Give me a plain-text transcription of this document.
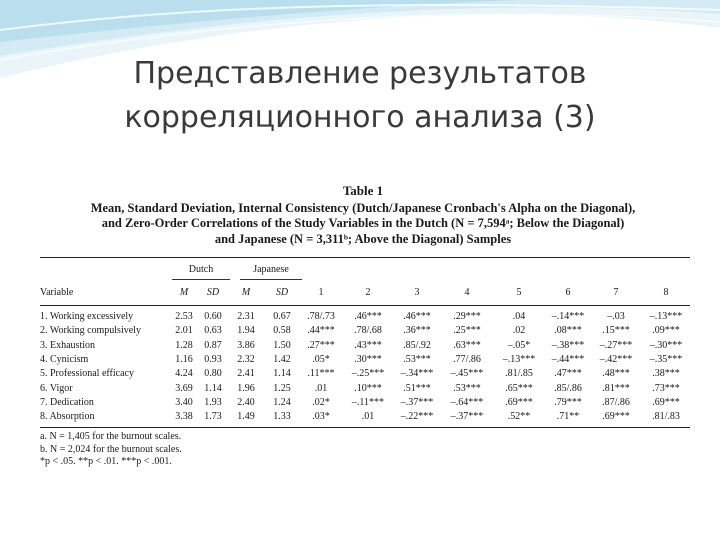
Представление результатов
корреляционного анализа (3)
Table 1
Mean, Standard Deviation, Internal Consistency (Dutch/Japanese Cronbach's Alpha on the Diagonal),
and Zero-Order Correlations of the Study Variables in the Dutch (N = 7,594ᵃ; Below the Diagonal)
and Japanese (N = 3,311ᵇ; Above the Diagonal) Samples
Dutch	Japanese
Variable	M	SD	M	SD	1	2	3	4	5	6	7	8
1. Working excessively	2.53	0.60	2.31	0.67	.78/.73	.46***	.46***	.29***	.04	–.14***	–.03	–.13***
2. Working compulsively	2.01	0.63	1.94	0.58	.44***	.78/.68	.36***	.25***	.02	.08***	.15***	.09***
3. Exhaustion	1.28	0.87	3.86	1.50	.27***	.43***	.85/.92	.63***	–.05*	–.38***	–.27***	–.30***
4. Cynicism	1.16	0.93	2.32	1.42	.05*	.30***	.53***	.77/.86	–.13***	–.44***	–.42***	–.35***
5. Professional efficacy	4.24	0.80	2.41	1.14	.11***	–.25***	–.34***	–.45***	.81/.85	.47***	.48***	.38***
6. Vigor	3.69	1.14	1.96	1.25	.01	.10***	.51***	.53***	.65***	.85/.86	.81***	.73***
7. Dedication	3.40	1.93	2.40	1.24	.02*	–.11***	–.37***	–.64***	.69***	.79***	.87/.86	.69***
8. Absorption	3.38	1.73	1.49	1.33	.03*	.01	–.22***	–.37***	.52**	.71**	.69***	.81/.83
a. N = 1,405 for the burnout scales.
b. N = 2,024 for the burnout scales.
*p < .05. **p < .01. ***p < .001.
